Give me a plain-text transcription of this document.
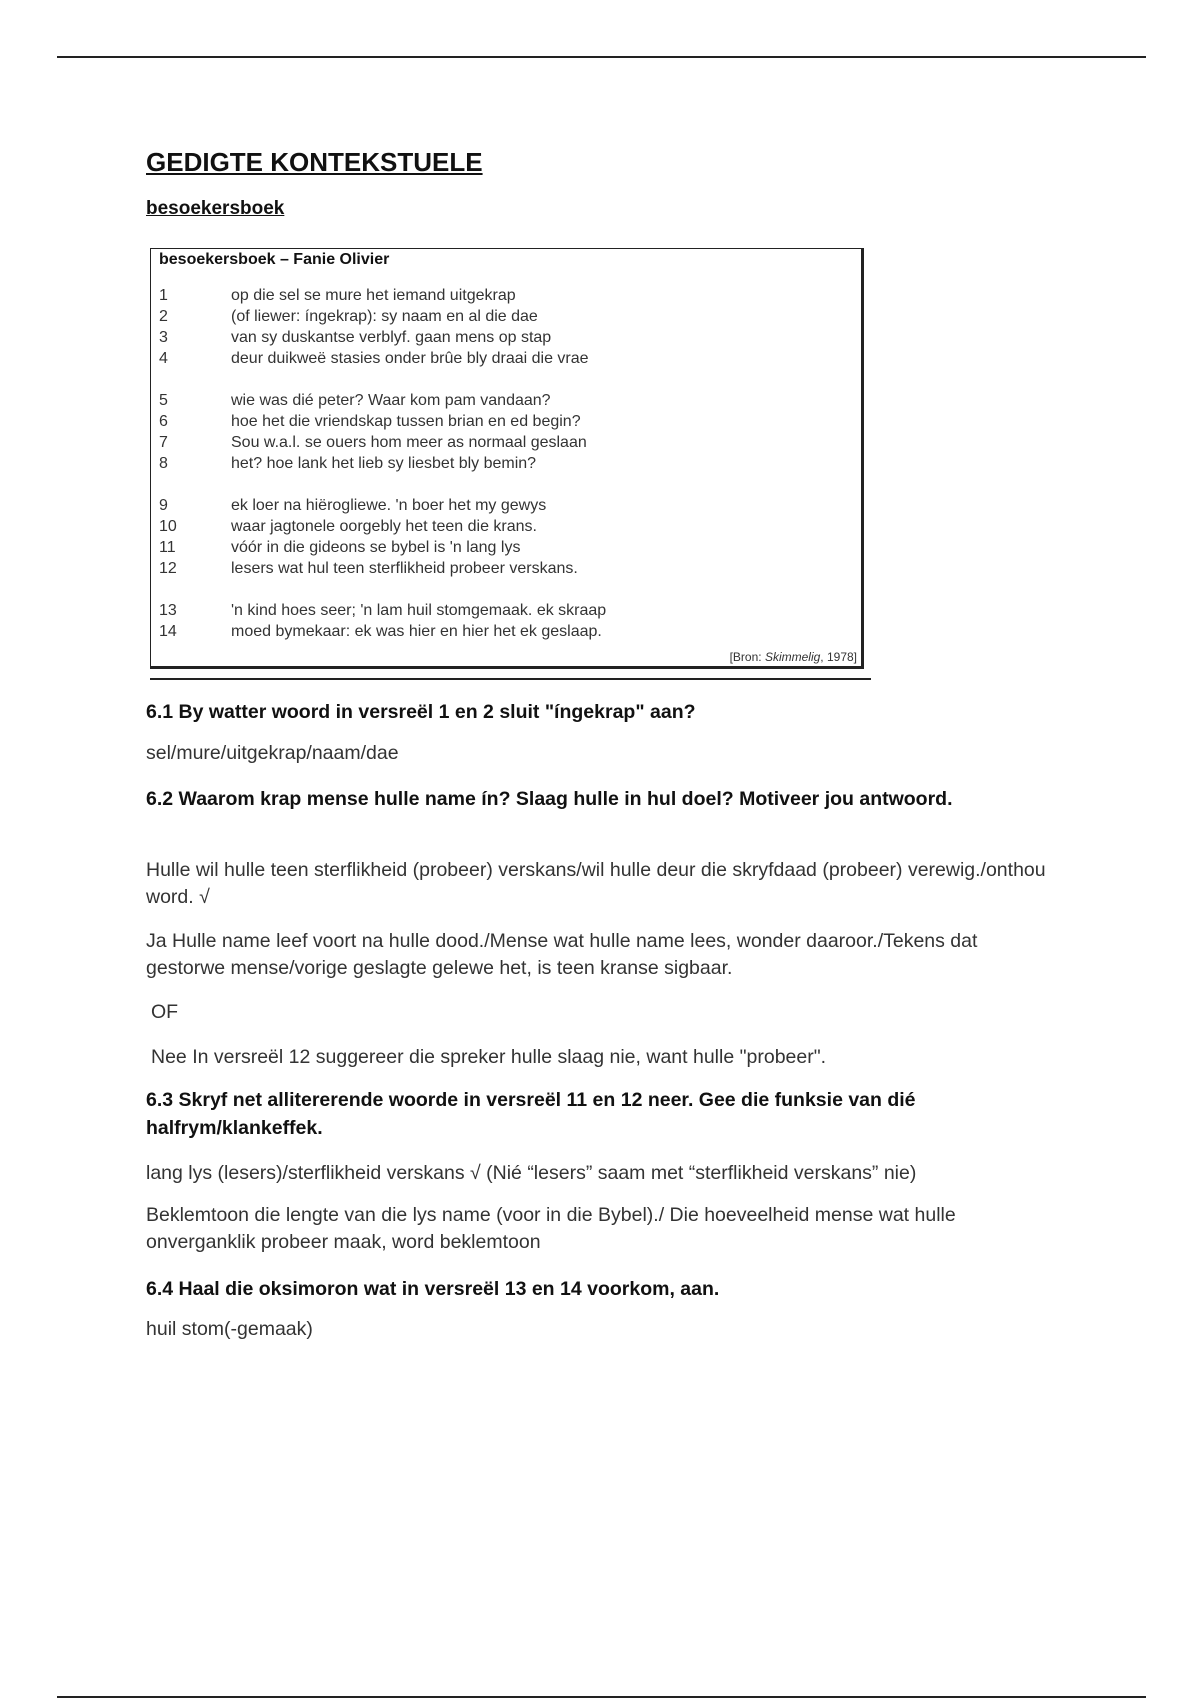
GEDIGTE KONTEKSTUELE
besoekersboek
besoekersboek – Fanie Olivier
1	op die sel se mure het iemand uitgekrap
2	(of liewer: íngekrap): sy naam en al die dae
3	van sy duskantse verblyf. gaan mens op stap
4	deur duikweë stasies onder brûe bly draai die vrae
5	wie was dié peter? Waar kom pam vandaan?
6	hoe het die vriendskap tussen brian en ed begin?
7	Sou w.a.l. se ouers hom meer as normaal geslaan
8	het? hoe lank het lieb sy liesbet bly bemin?
9	ek loer na hiërogliewe. 'n boer het my gewys
10	waar jagtonele oorgebly het teen die krans.
11	vóór in die gideons se bybel is 'n lang lys
12	lesers wat hul teen sterflikheid probeer verskans.
13	'n kind hoes seer; 'n lam huil stomgemaak. ek skraap
14	moed bymekaar: ek was hier en hier het ek geslaap.
[Bron: Skimmelig, 1978]
6.1 By watter woord in versreël 1 en 2 sluit "íngekrap" aan?
sel/mure/uitgekrap/naam/dae
6.2 Waarom krap mense hulle name ín? Slaag hulle in hul doel? Motiveer jou antwoord.
Hulle wil hulle teen sterflikheid (probeer) verskans/wil hulle deur die skryfdaad (probeer) verewig./onthou word. √
Ja Hulle name leef voort na hulle dood./Mense wat hulle name lees, wonder daaroor./Tekens dat gestorwe mense/vorige geslagte gelewe het, is teen kranse sigbaar.
OF
Nee In versreël 12 suggereer die spreker hulle slaag nie, want hulle "probeer".
6.3 Skryf net allitererende woorde in versreël 11 en 12 neer. Gee die funksie van dié halfrym/klankeffek.
lang lys (lesers)/sterflikheid verskans √ (Nié “lesers” saam met “sterflikheid verskans” nie)
Beklemtoon die lengte van die lys name (voor in die Bybel)./ Die hoeveelheid mense wat hulle onverganklik probeer maak, word beklemtoon
6.4 Haal die oksimoron wat in versreël 13 en 14 voorkom, aan.
huil stom(-gemaak)
